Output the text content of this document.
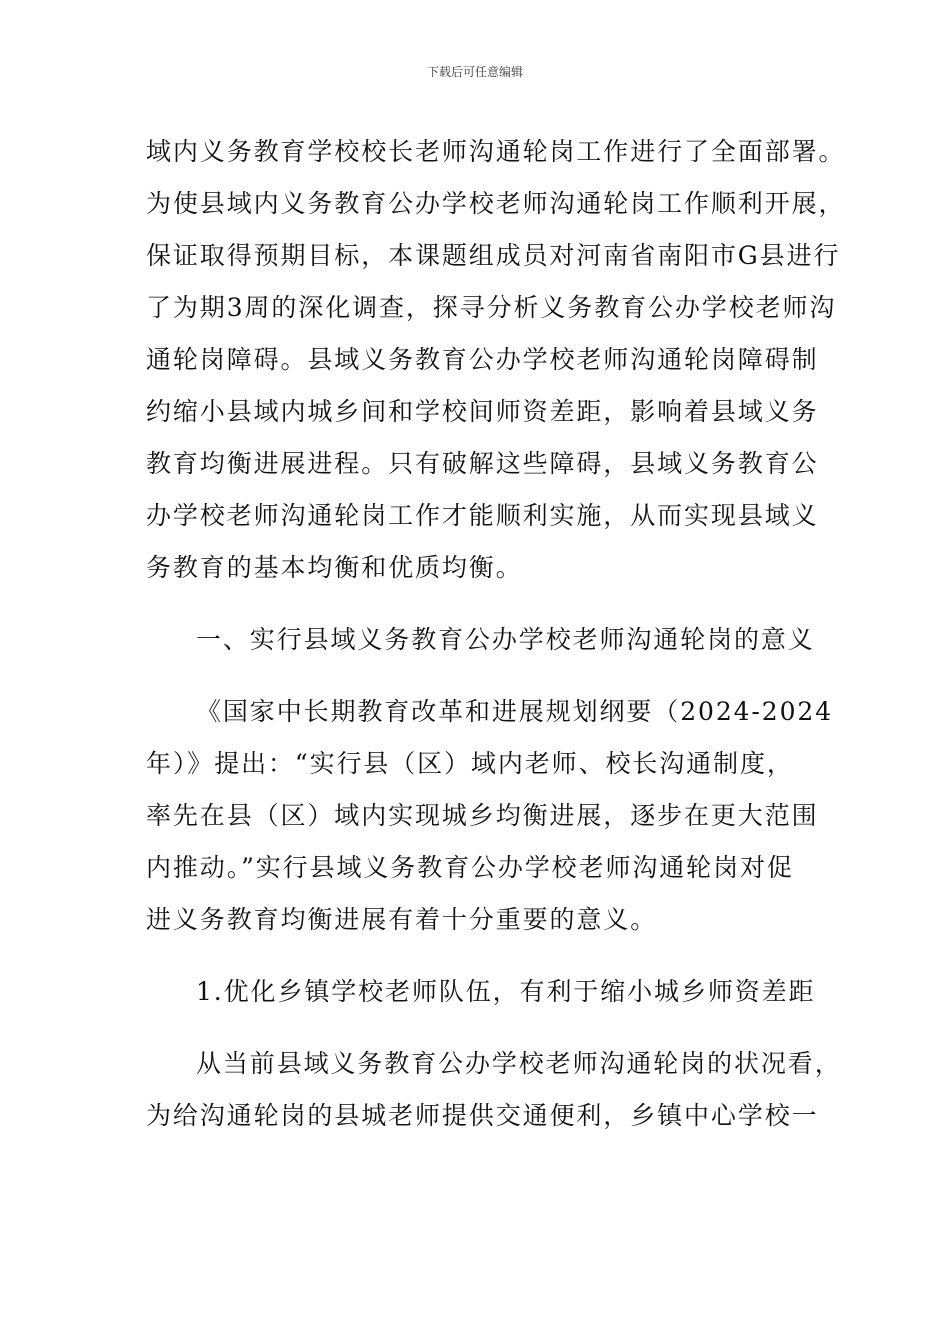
下载后可任意编辑
域内义务教育学校校长老师沟通轮岗工作进行了全面部署。
为使县域内义务教育公办学校老师沟通轮岗工作顺利开展，
保证取得预期目标，本课题组成员对河南省南阳市G县进行
了为期3周的深化调查，探寻分析义务教育公办学校老师沟
通轮岗障碍。县域义务教育公办学校老师沟通轮岗障碍制
约缩小县域内城乡间和学校间师资差距，影响着县域义务
教育均衡进展进程。只有破解这些障碍，县域义务教育公
办学校老师沟通轮岗工作才能顺利实施，从而实现县域义
务教育的基本均衡和优质均衡。
一、实行县域义务教育公办学校老师沟通轮岗的意义
《国家中长期教育改革和进展规划纲要（2024-2024
年）》提出：“实行县（区）域内老师、校长沟通制度，
率先在县（区）域内实现城乡均衡进展，逐步在更大范围
内推动。”实行县域义务教育公办学校老师沟通轮岗对促
进义务教育均衡进展有着十分重要的意义。
1.优化乡镇学校老师队伍，有利于缩小城乡师资差距
从当前县域义务教育公办学校老师沟通轮岗的状况看，
为给沟通轮岗的县城老师提供交通便利，乡镇中心学校一
